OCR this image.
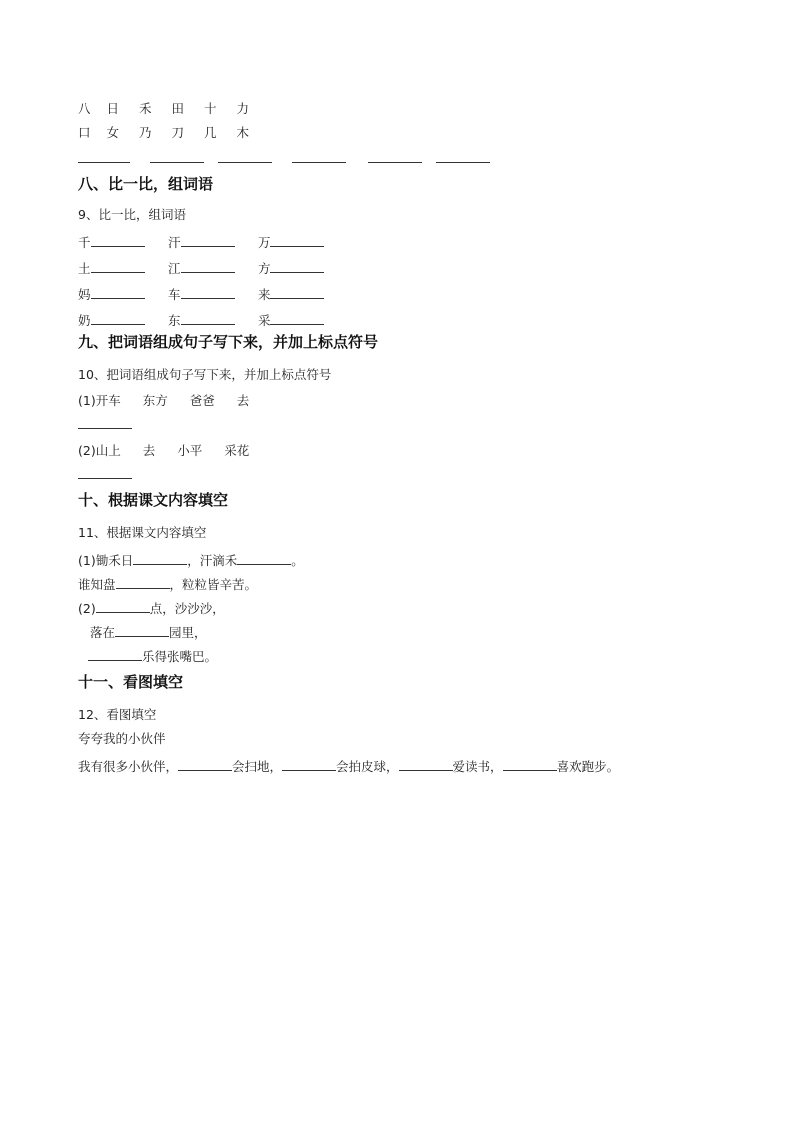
八 日 禾 田 十 力
口 女 乃 刀 几 木

八、比一比，组词语
9、比一比，组词语
千	汗	万
土	江	方
妈	车	来
奶	东	采
九、把词语组成句子写下来，并加上标点符号
10、把词语组成句子写下来，并加上标点符号
(1)开车 东方 爸爸 去
(2)山上 去 小平 采花
十、根据课文内容填空
11、根据课文内容填空
(1)锄禾日	，汗滴禾	。
谁知盘	，粒粒皆辛苦。
(2)	点，沙沙沙，
落在	园里，
乐得张嘴巴。
十一、看图填空
12、看图填空
夸夸我的小伙伴
我有很多小伙伴，	会扫地，	会拍皮球，	爱读书，	喜欢跑步。
